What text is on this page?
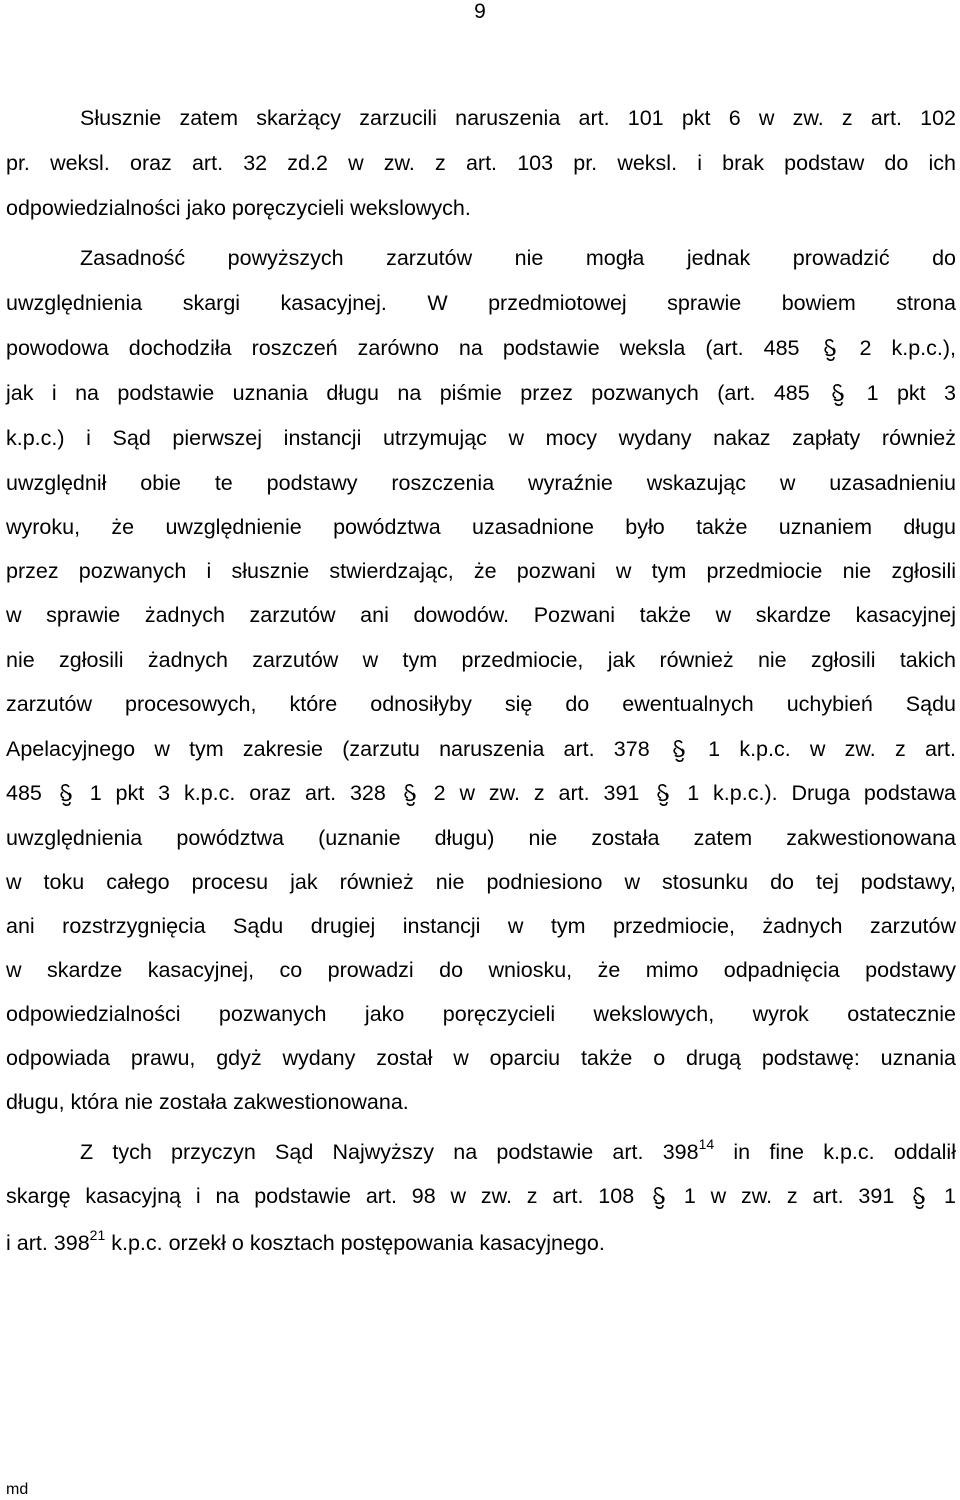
9
Słusznie zatem skarżący zarzucili naruszenia art. 101 pkt 6 w zw. z art. 102
pr. weksl. oraz art. 32 zd.2 w zw. z art. 103 pr. weksl. i brak podstaw do ich
odpowiedzialności jako poręczycieli wekslowych.
Zasadność powyższych zarzutów nie mogła jednak prowadzić do
uwzględnienia skargi kasacyjnej. W przedmiotowej sprawie bowiem strona
powodowa dochodziła roszczeń zarówno na podstawie weksla (art. 485	2 k.p.c.),
jak i na podstawie uznania długu na piśmie przez pozwanych (art. 485	1 pkt 3
k.p.c.) i Sąd pierwszej instancji utrzymując w mocy wydany nakaz zapłaty również
uwzględnił obie te podstawy roszczenia wyraźnie wskazując w uzasadnieniu
wyroku, że uwzględnienie powództwa uzasadnione było także uznaniem długu
przez pozwanych i słusznie stwierdzając, że pozwani w tym przedmiocie nie zgłosili
w sprawie żadnych zarzutów ani dowodów. Pozwani także w skardze kasacyjnej
nie zgłosili żadnych zarzutów w tym przedmiocie, jak również nie zgłosili takich
zarzutów procesowych, które odnosiłyby się do ewentualnych uchybień Sądu
Apelacyjnego w tym zakresie (zarzutu naruszenia art. 378	1 k.p.c. w zw. z art.
485 1 pkt 3 k.p.c. oraz art. 328 2 w zw. z art. 391 1 k.p.c.). Druga podstawa
uwzględnienia powództwa (uznanie długu) nie została zatem zakwestionowana
w toku całego procesu jak również nie podniesiono w stosunku do tej podstawy,
ani rozstrzygnięcia Sądu drugiej instancji w tym przedmiocie, żadnych zarzutów
w skardze kasacyjnej, co prowadzi do wniosku, że mimo odpadnięcia podstawy
odpowiedzialności pozwanych jako poręczycieli wekslowych, wyrok ostatecznie
odpowiada prawu, gdyż wydany został w oparciu także o drugą podstawę: uznania
długu, która nie została zakwestionowana.
Z tych przyczyn Sąd Najwyższy na podstawie art. $398^{14}$ in fine k.p.c. oddalił
skargę kasacyjną i na podstawie art. 98 w zw. z art. 108 1 w zw. z art. 391 1
i art. $398^{21}$ k.p.c. orzekł o kosztach postępowania kasacyjnego.
md
